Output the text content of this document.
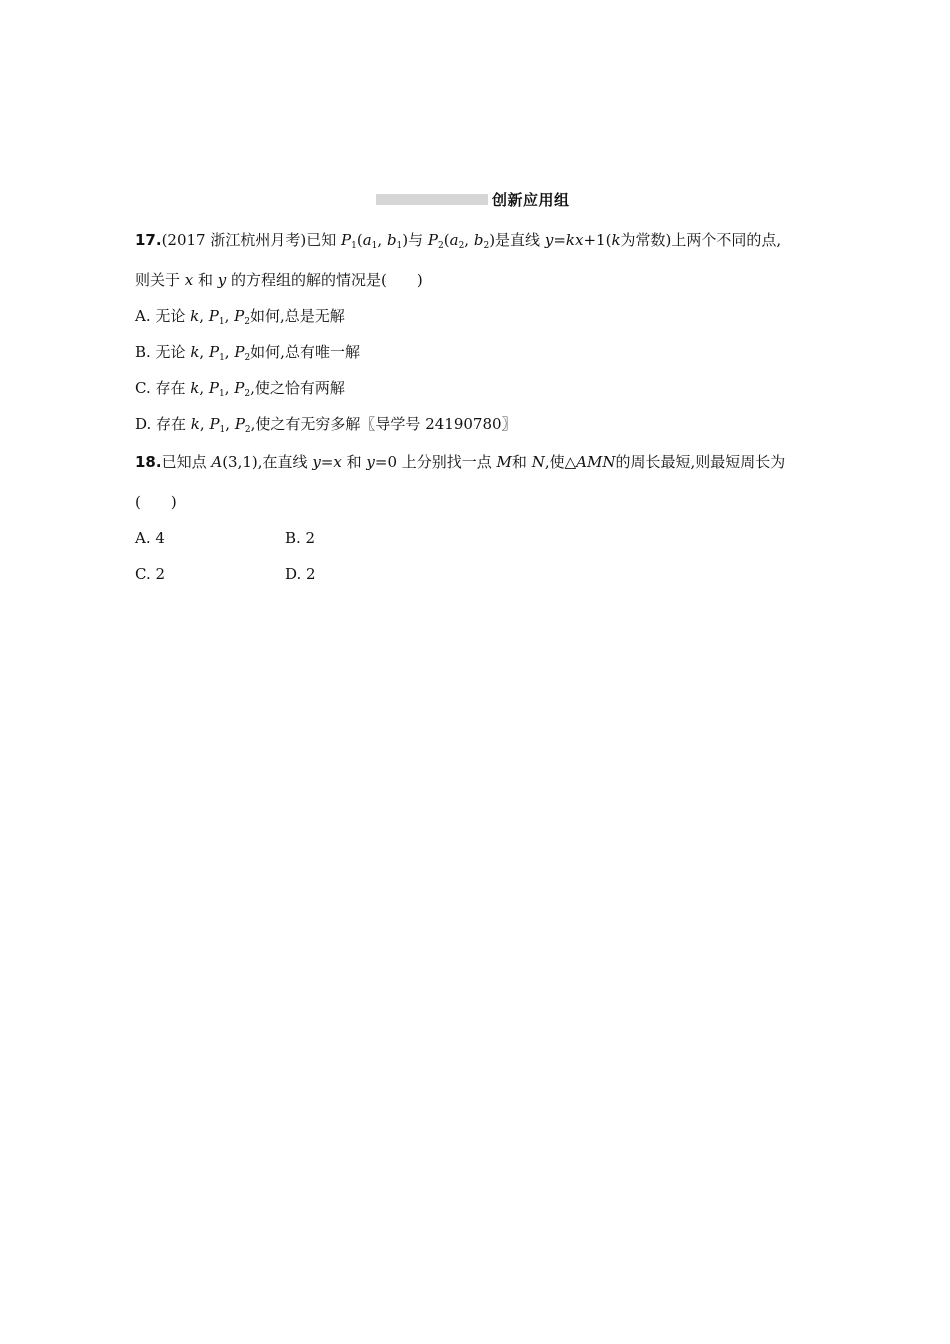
创新应用组
17.(2017 浙江杭州月考)已知 $P_1(a_1$, $b_1$)与 $P_2(a_2$, $b_2$)是直线 y=kx+1(k为常数)上两个不同的点,
则关于 x 和 y 的方程组的解的情况是(　　)
A. 无论 k, $P_1$, $P_2$如何,总是无解
B. 无论 k, $P_1$, $P_2$如何,总有唯一解
C. 存在 k, $P_1$, $P_2$,使之恰有两解
D. 存在 k, $P_1$, $P_2$,使之有无穷多解〖导学号 24190780〗
18.已知点 A(3,1),在直线 y=x 和 y=0 上分别找一点 M和 N,使△AMN的周长最短,则最短周长为
(　　)
A. 4	B. 2
C. 2	D. 2
